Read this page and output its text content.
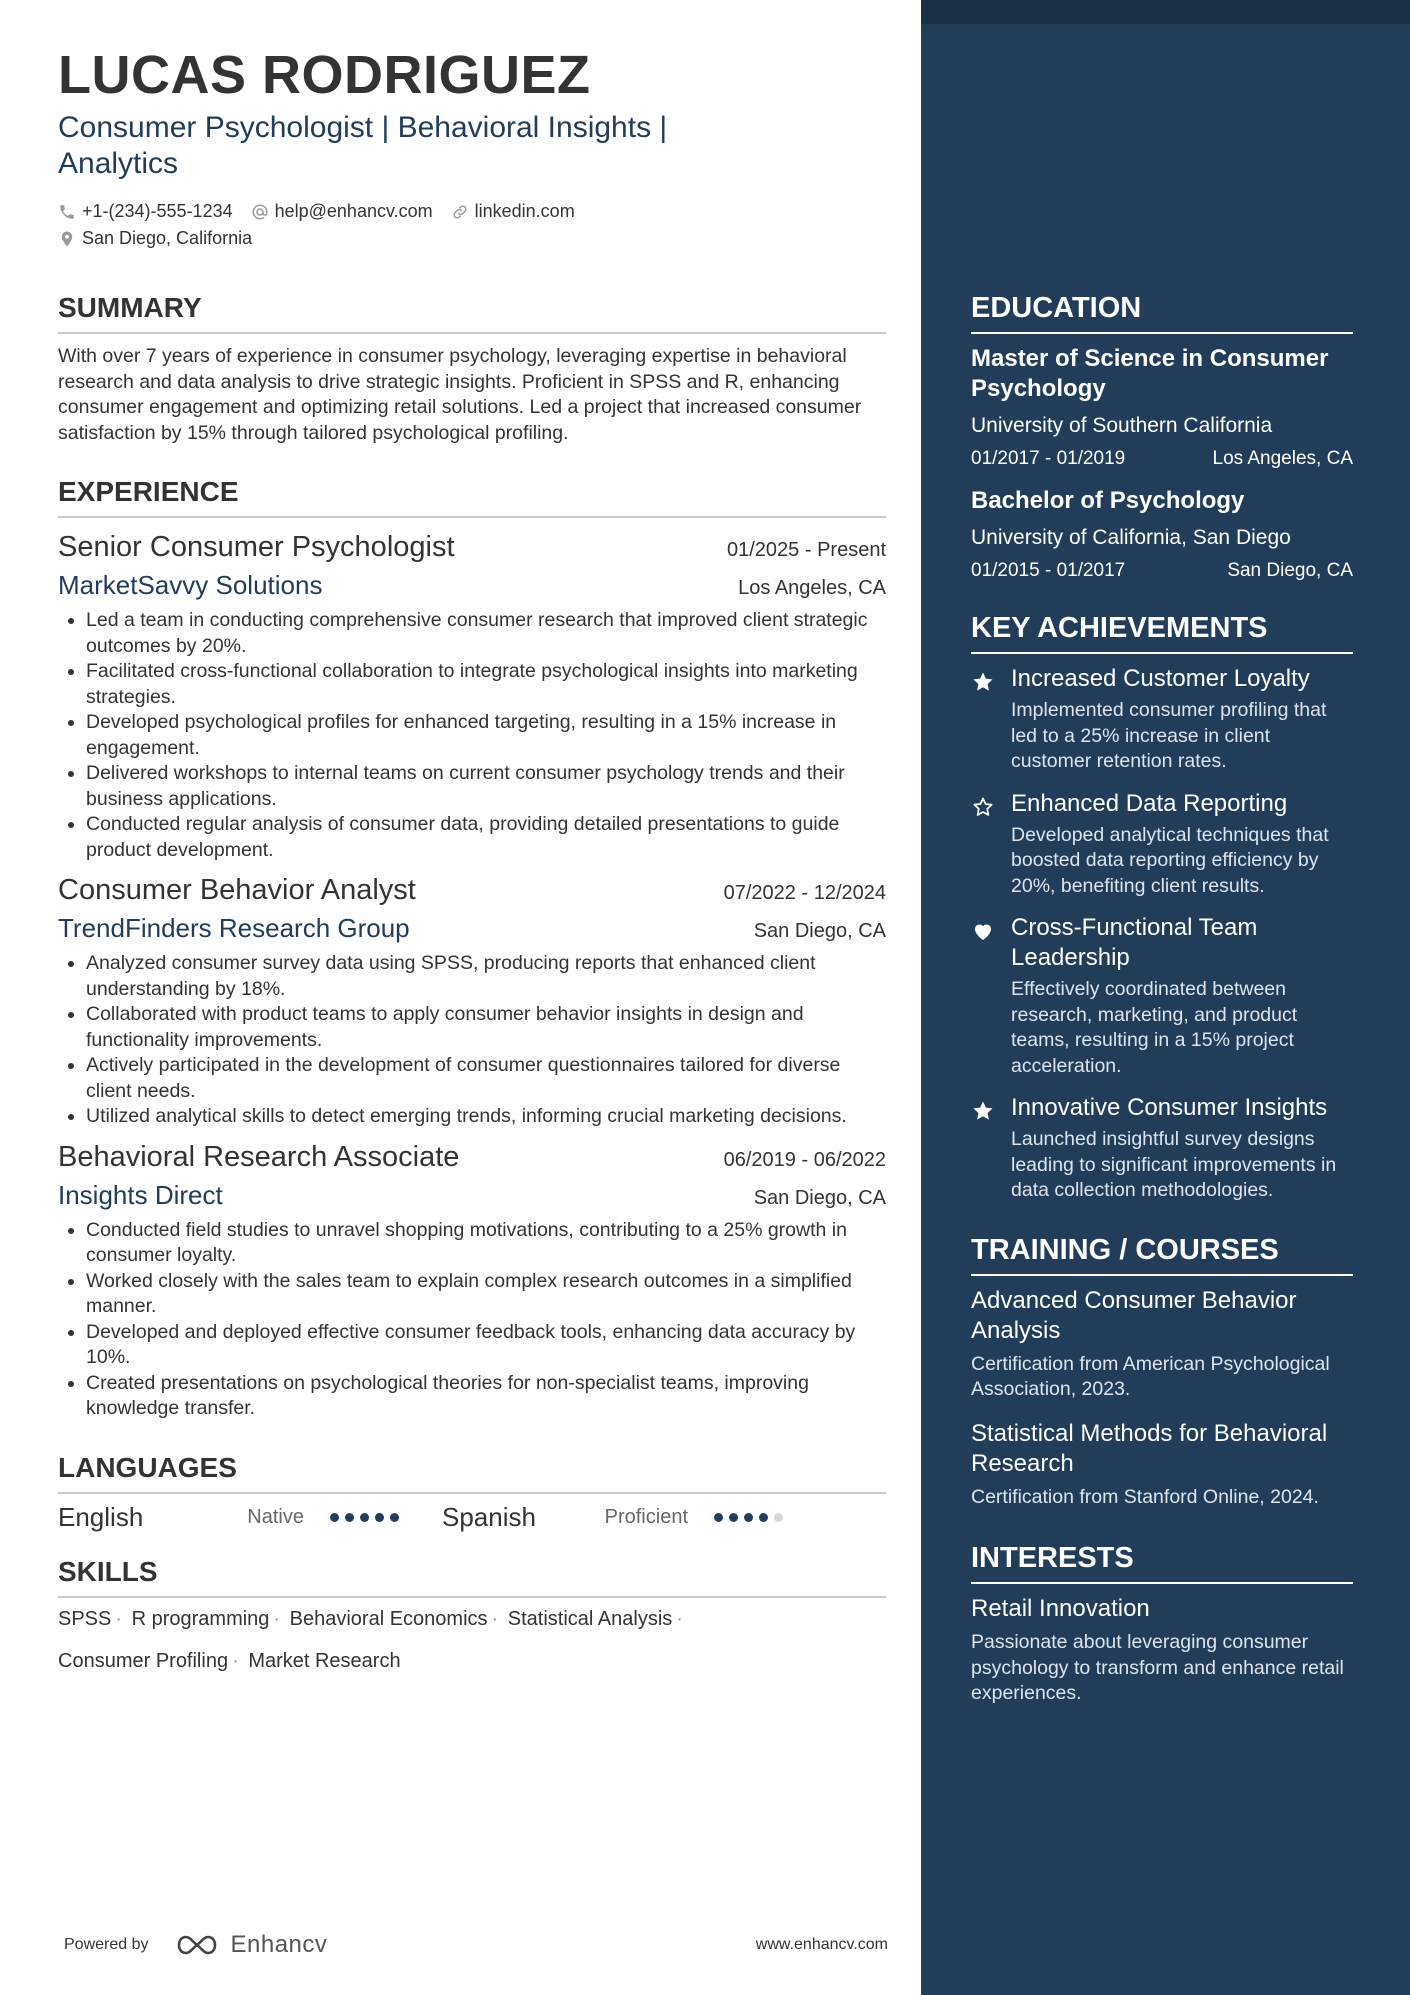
LUCAS RODRIGUEZ
Consumer Psychologist | Behavioral Insights | Analytics
+1-(234)-555-1234 help@enhancv.com linkedin.com
San Diego, California
SUMMARY
With over 7 years of experience in consumer psychology, leveraging expertise in behavioral research and data analysis to drive strategic insights. Proficient in SPSS and R, enhancing consumer engagement and optimizing retail solutions. Led a project that increased consumer satisfaction by 15% through tailored psychological profiling.
EXPERIENCE
Senior Consumer Psychologist	01/2025 - Present
MarketSavvy Solutions	Los Angeles, CA
• Led a team in conducting comprehensive consumer research that improved client strategic outcomes by 20%.
• Facilitated cross-functional collaboration to integrate psychological insights into marketing strategies.
• Developed psychological profiles for enhanced targeting, resulting in a 15% increase in engagement.
• Delivered workshops to internal teams on current consumer psychology trends and their business applications.
• Conducted regular analysis of consumer data, providing detailed presentations to guide product development.
Consumer Behavior Analyst	07/2022 - 12/2024
TrendFinders Research Group	San Diego, CA
• Analyzed consumer survey data using SPSS, producing reports that enhanced client understanding by 18%.
• Collaborated with product teams to apply consumer behavior insights in design and functionality improvements.
• Actively participated in the development of consumer questionnaires tailored for diverse client needs.
• Utilized analytical skills to detect emerging trends, informing crucial marketing decisions.
Behavioral Research Associate	06/2019 - 06/2022
Insights Direct	San Diego, CA
• Conducted field studies to unravel shopping motivations, contributing to a 25% growth in consumer loyalty.
• Worked closely with the sales team to explain complex research outcomes in a simplified manner.
• Developed and deployed effective consumer feedback tools, enhancing data accuracy by 10%.
• Created presentations on psychological theories for non-specialist teams, improving knowledge transfer.
LANGUAGES
English	Native	Spanish	Proficient
SKILLS
SPSS · R programming · Behavioral Economics · Statistical Analysis ·
Consumer Profiling · Market Research
Powered by	Enhancv	www.enhancv.com
EDUCATION
Master of Science in Consumer Psychology
University of Southern California
01/2017 - 01/2019	Los Angeles, CA
Bachelor of Psychology
University of California, San Diego
01/2015 - 01/2017	San Diego, CA
KEY ACHIEVEMENTS
Increased Customer Loyalty
Implemented consumer profiling that led to a 25% increase in client customer retention rates.
Enhanced Data Reporting
Developed analytical techniques that boosted data reporting efficiency by 20%, benefiting client results.
Cross-Functional Team Leadership
Effectively coordinated between research, marketing, and product teams, resulting in a 15% project acceleration.
Innovative Consumer Insights
Launched insightful survey designs leading to significant improvements in data collection methodologies.
TRAINING / COURSES
Advanced Consumer Behavior Analysis
Certification from American Psychological Association, 2023.
Statistical Methods for Behavioral Research
Certification from Stanford Online, 2024.
INTERESTS
Retail Innovation
Passionate about leveraging consumer psychology to transform and enhance retail experiences.
